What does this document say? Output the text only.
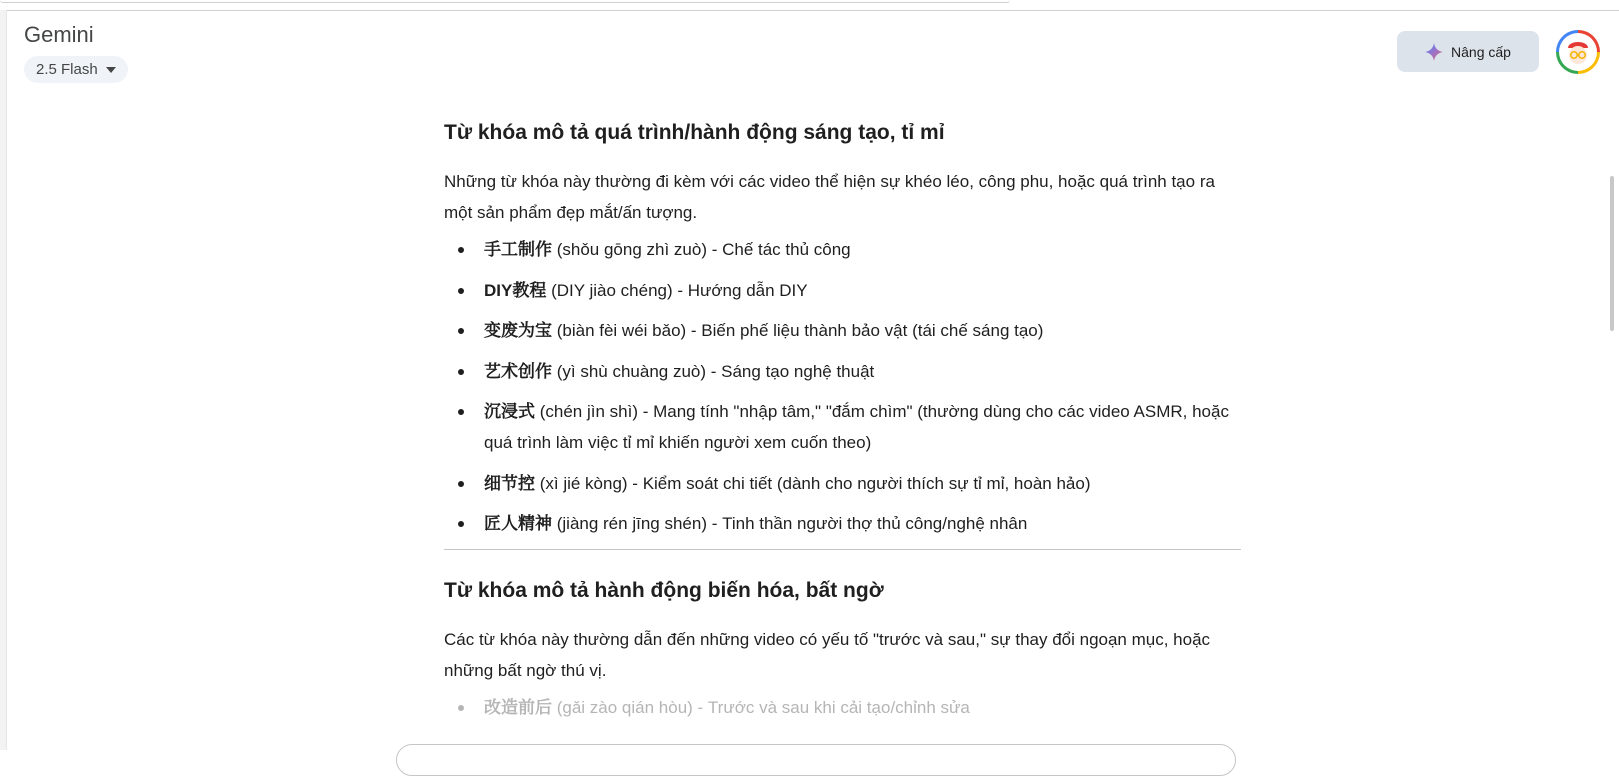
Gemini
2.5 Flash
Nâng cấp
Từ khóa mô tả quá trình/hành động sáng tạo, tỉ mỉ

Những từ khóa này thường đi kèm với các video thể hiện sự khéo léo, công phu, hoặc quá trình tạo ra một sản phẩm đẹp mắt/ấn tượng.

手工制作 (shǒu gōng zhì zuò) - Chế tác thủ công
DIY教程 (DIY jiào chéng) - Hướng dẫn DIY
变废为宝 (biàn fèi wéi bǎo) - Biến phế liệu thành bảo vật (tái chế sáng tạo)
艺术创作 (yì shù chuàng zuò) - Sáng tạo nghệ thuật
沉浸式 (chén jìn shì) - Mang tính "nhập tâm," "đắm chìm" (thường dùng cho các video ASMR, hoặc quá trình làm việc tỉ mỉ khiến người xem cuốn theo)
细节控 (xì jié kòng) - Kiểm soát chi tiết (dành cho người thích sự tỉ mỉ, hoàn hảo)
匠人精神 (jiàng rén jīng shén) - Tinh thần người thợ thủ công/nghệ nhân
Từ khóa mô tả hành động biến hóa, bất ngờ

Các từ khóa này thường dẫn đến những video có yếu tố "trước và sau," sự thay đổi ngoạn mục, hoặc những bất ngờ thú vị.

改造前后 (gǎi zào qián hòu) - Trước và sau khi cải tạo/chỉnh sửa
